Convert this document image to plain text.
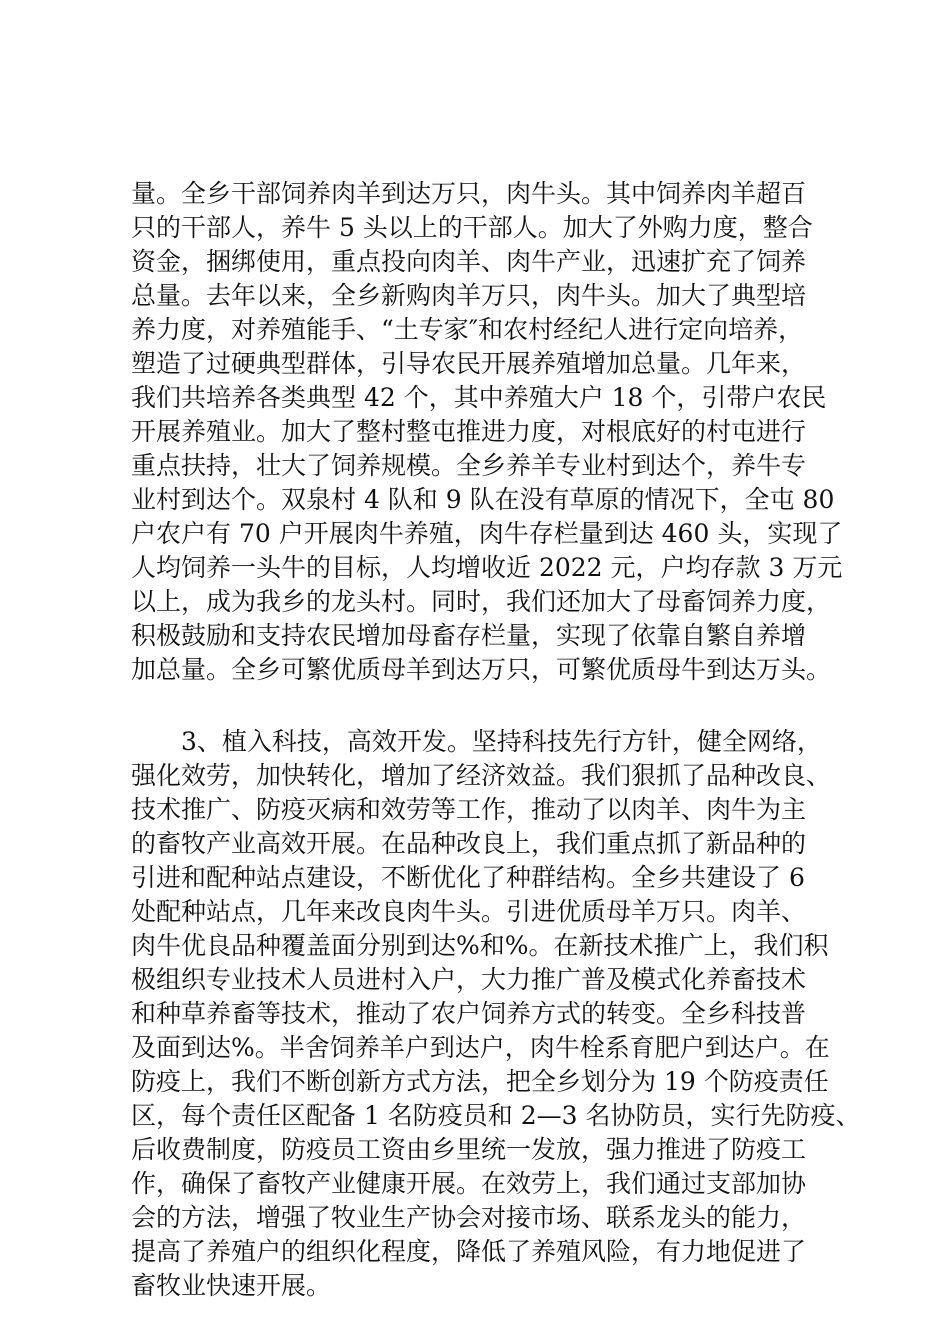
量。全乡干部饲养肉羊到达万只，肉牛头。其中饲养肉羊超百
只的干部人，养牛 5 头以上的干部人。加大了外购力度，整合
资金，捆绑使用，重点投向肉羊、肉牛产业，迅速扩充了饲养
总量。去年以来，全乡新购肉羊万只，肉牛头。加大了典型培
养力度，对养殖能手、“土专家″和农村经纪人进行定向培养，
塑造了过硬典型群体，引导农民开展养殖增加总量。几年来，
我们共培养各类典型 42 个，其中养殖大户 18 个，引带户农民
开展养殖业。加大了整村整屯推进力度，对根底好的村屯进行
重点扶持，壮大了饲养规模。全乡养羊专业村到达个，养牛专
业村到达个。双泉村 4 队和 9 队在没有草原的情况下，全屯 80
户农户有 70 户开展肉牛养殖，肉牛存栏量到达 460 头，实现了
人均饲养一头牛的目标，人均增收近 2022 元，户均存款 3 万元
以上，成为我乡的龙头村。同时，我们还加大了母畜饲养力度，
积极鼓励和支持农民增加母畜存栏量，实现了依靠自繁自养增
加总量。全乡可繁优质母羊到达万只，可繁优质母牛到达万头。
　　3、植入科技，高效开发。坚持科技先行方针，健全网络，
强化效劳，加快转化，增加了经济效益。我们狠抓了品种改良、
技术推广、防疫灭病和效劳等工作，推动了以肉羊、肉牛为主
的畜牧产业高效开展。在品种改良上，我们重点抓了新品种的
引进和配种站点建设，不断优化了种群结构。全乡共建设了 6
处配种站点，几年来改良肉牛头。引进优质母羊万只。肉羊、
肉牛优良品种覆盖面分别到达%和%。在新技术推广上，我们积
极组织专业技术人员进村入户，大力推广普及模式化养畜技术
和种草养畜等技术，推动了农户饲养方式的转变。全乡科技普
及面到达%。半舍饲养羊户到达户，肉牛栓系育肥户到达户。在
防疫上，我们不断创新方式方法，把全乡划分为 19 个防疫责任
区，每个责任区配备 1 名防疫员和 2—3 名协防员，实行先防疫、
后收费制度，防疫员工资由乡里统一发放，强力推进了防疫工
作，确保了畜牧产业健康开展。在效劳上，我们通过支部加协
会的方法，增强了牧业生产协会对接市场、联系龙头的能力，
提高了养殖户的组织化程度，降低了养殖风险，有力地促进了
畜牧业快速开展。
